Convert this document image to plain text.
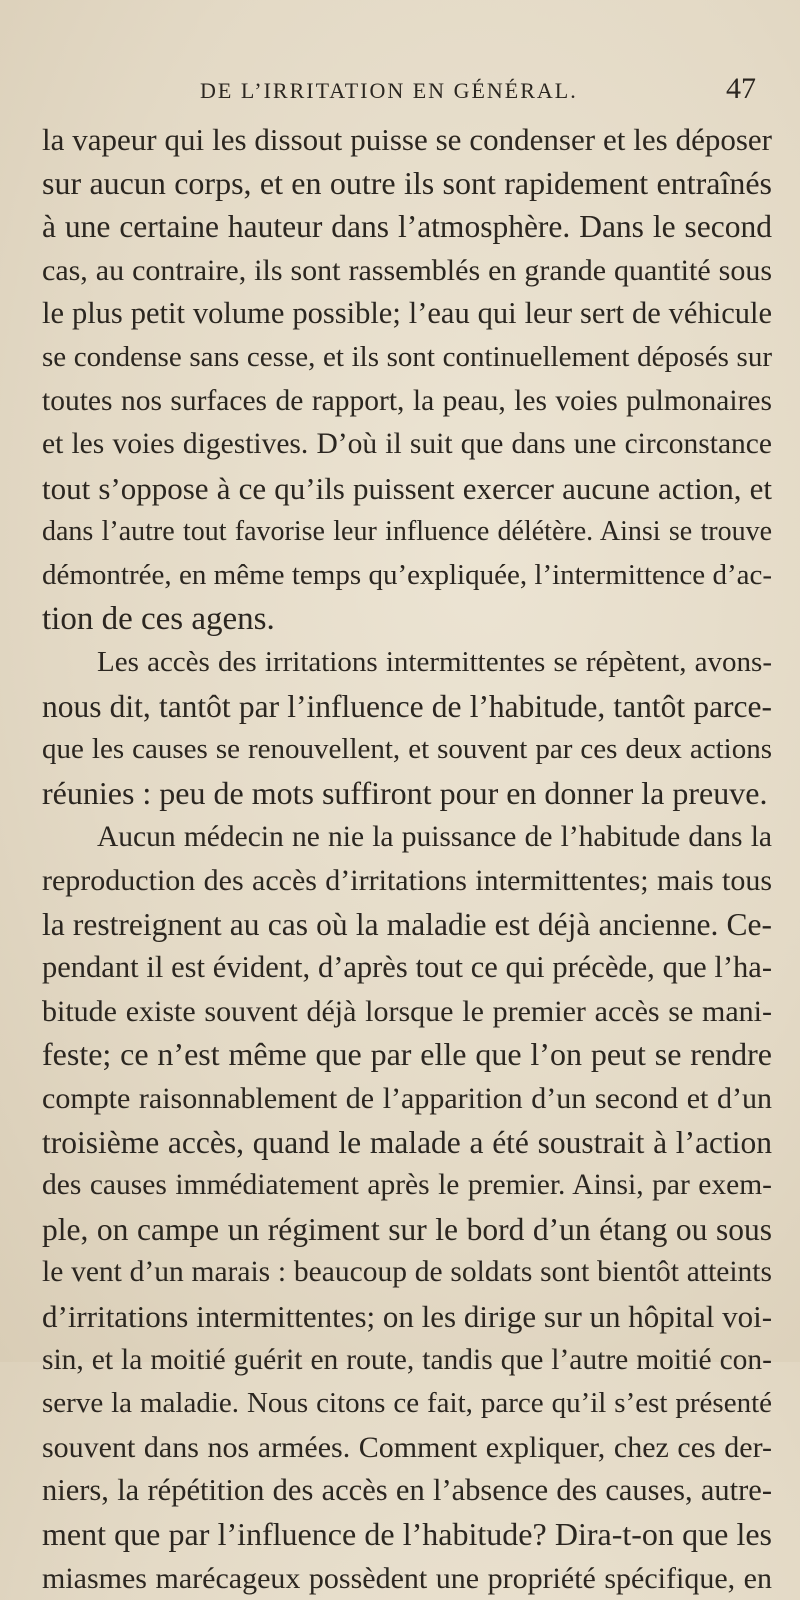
DE L’IRRITATION EN GÉNÉRAL.	47
la vapeur qui les dissout puisse se condenser et les déposer
sur aucun corps, et en outre ils sont rapidement entraînés
à une certaine hauteur dans l’atmosphère. Dans le second
cas, au contraire, ils sont rassemblés en grande quantité sous
le plus petit volume possible; l’eau qui leur sert de véhicule
se condense sans cesse, et ils sont continuellement déposés sur
toutes nos surfaces de rapport, la peau, les voies pulmonaires
et les voies digestives. D’où il suit que dans une circonstance
tout s’oppose à ce qu’ils puissent exercer aucune action, et
dans l’autre tout favorise leur influence délétère. Ainsi se trouve
démontrée, en même temps qu’expliquée, l’intermittence d’ac-
tion de ces agens.
Les accès des irritations intermittentes se répètent, avons-
nous dit, tantôt par l’influence de l’habitude, tantôt parce-
que les causes se renouvellent, et souvent par ces deux actions
réunies : peu de mots suffiront pour en donner la preuve.
Aucun médecin ne nie la puissance de l’habitude dans la
reproduction des accès d’irritations intermittentes; mais tous
la restreignent au cas où la maladie est déjà ancienne. Ce-
pendant il est évident, d’après tout ce qui précède, que l’ha-
bitude existe souvent déjà lorsque le premier accès se mani-
feste; ce n’est même que par elle que l’on peut se rendre
compte raisonnablement de l’apparition d’un second et d’un
troisième accès, quand le malade a été soustrait à l’action
des causes immédiatement après le premier. Ainsi, par exem-
ple, on campe un régiment sur le bord d’un étang ou sous
le vent d’un marais : beaucoup de soldats sont bientôt atteints
d’irritations intermittentes; on les dirige sur un hôpital voi-
sin, et la moitié guérit en route, tandis que l’autre moitié con-
serve la maladie. Nous citons ce fait, parce qu’il s’est présenté
souvent dans nos armées. Comment expliquer, chez ces der-
niers, la répétition des accès en l’absence des causes, autre-
ment que par l’influence de l’habitude? Dira-t-on que les
miasmes marécageux possèdent une propriété spécifique, en
